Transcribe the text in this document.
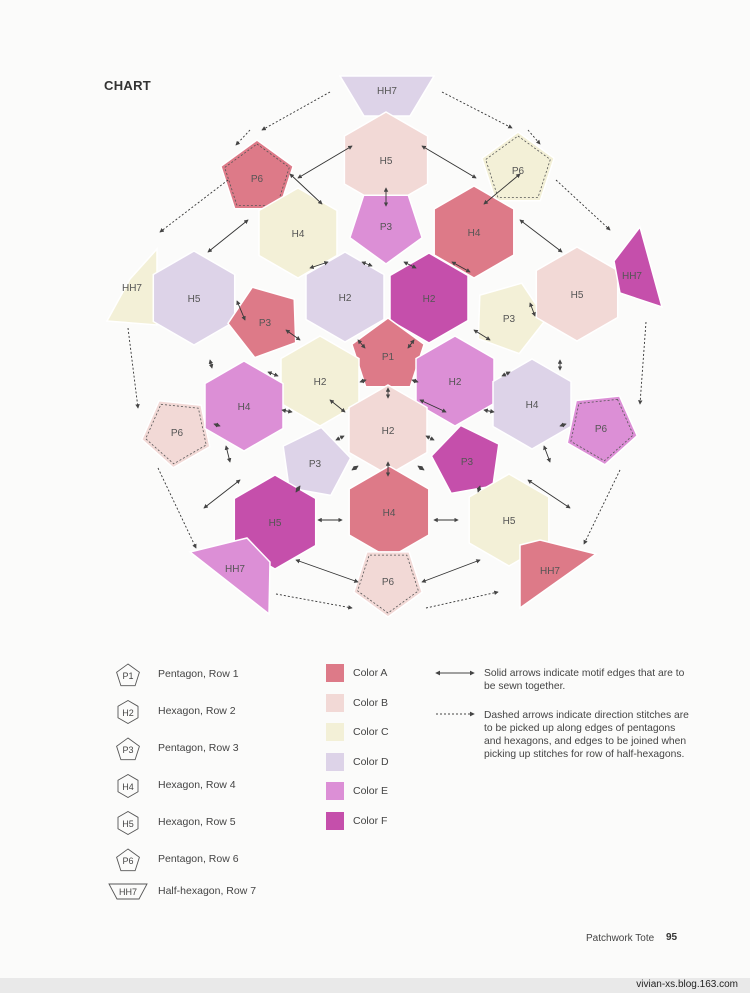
CHART	HH7
H5
P3
P6
P6
H4	H4
H2	H2
HH7
H5
P3
P1
P3
H5
HH7
H2	H2
P6
H4
H2
H4
P6
P3	P3
H5
H4
H5
HH7
P6
HH7
P1 Pentagon, Row 1
H2 Hexagon, Row 2
P3 Pentagon, Row 3
H4 Hexagon, Row 4
H5 Hexagon, Row 5
P6 Pentagon, Row 6
HH7 Half-hexagon, Row 7
Color A
Color B
Color C
Color D
Color E
Color F
Solid arrows indicate motif edges that are to be sewn together.
Dashed arrows indicate direction stitches are to be picked up along edges of pentagons and hexagons, and edges to be joined when picking up stitches for row of half-hexagons.
Patchwork Tote 95
vivian-xs.blog.163.com
